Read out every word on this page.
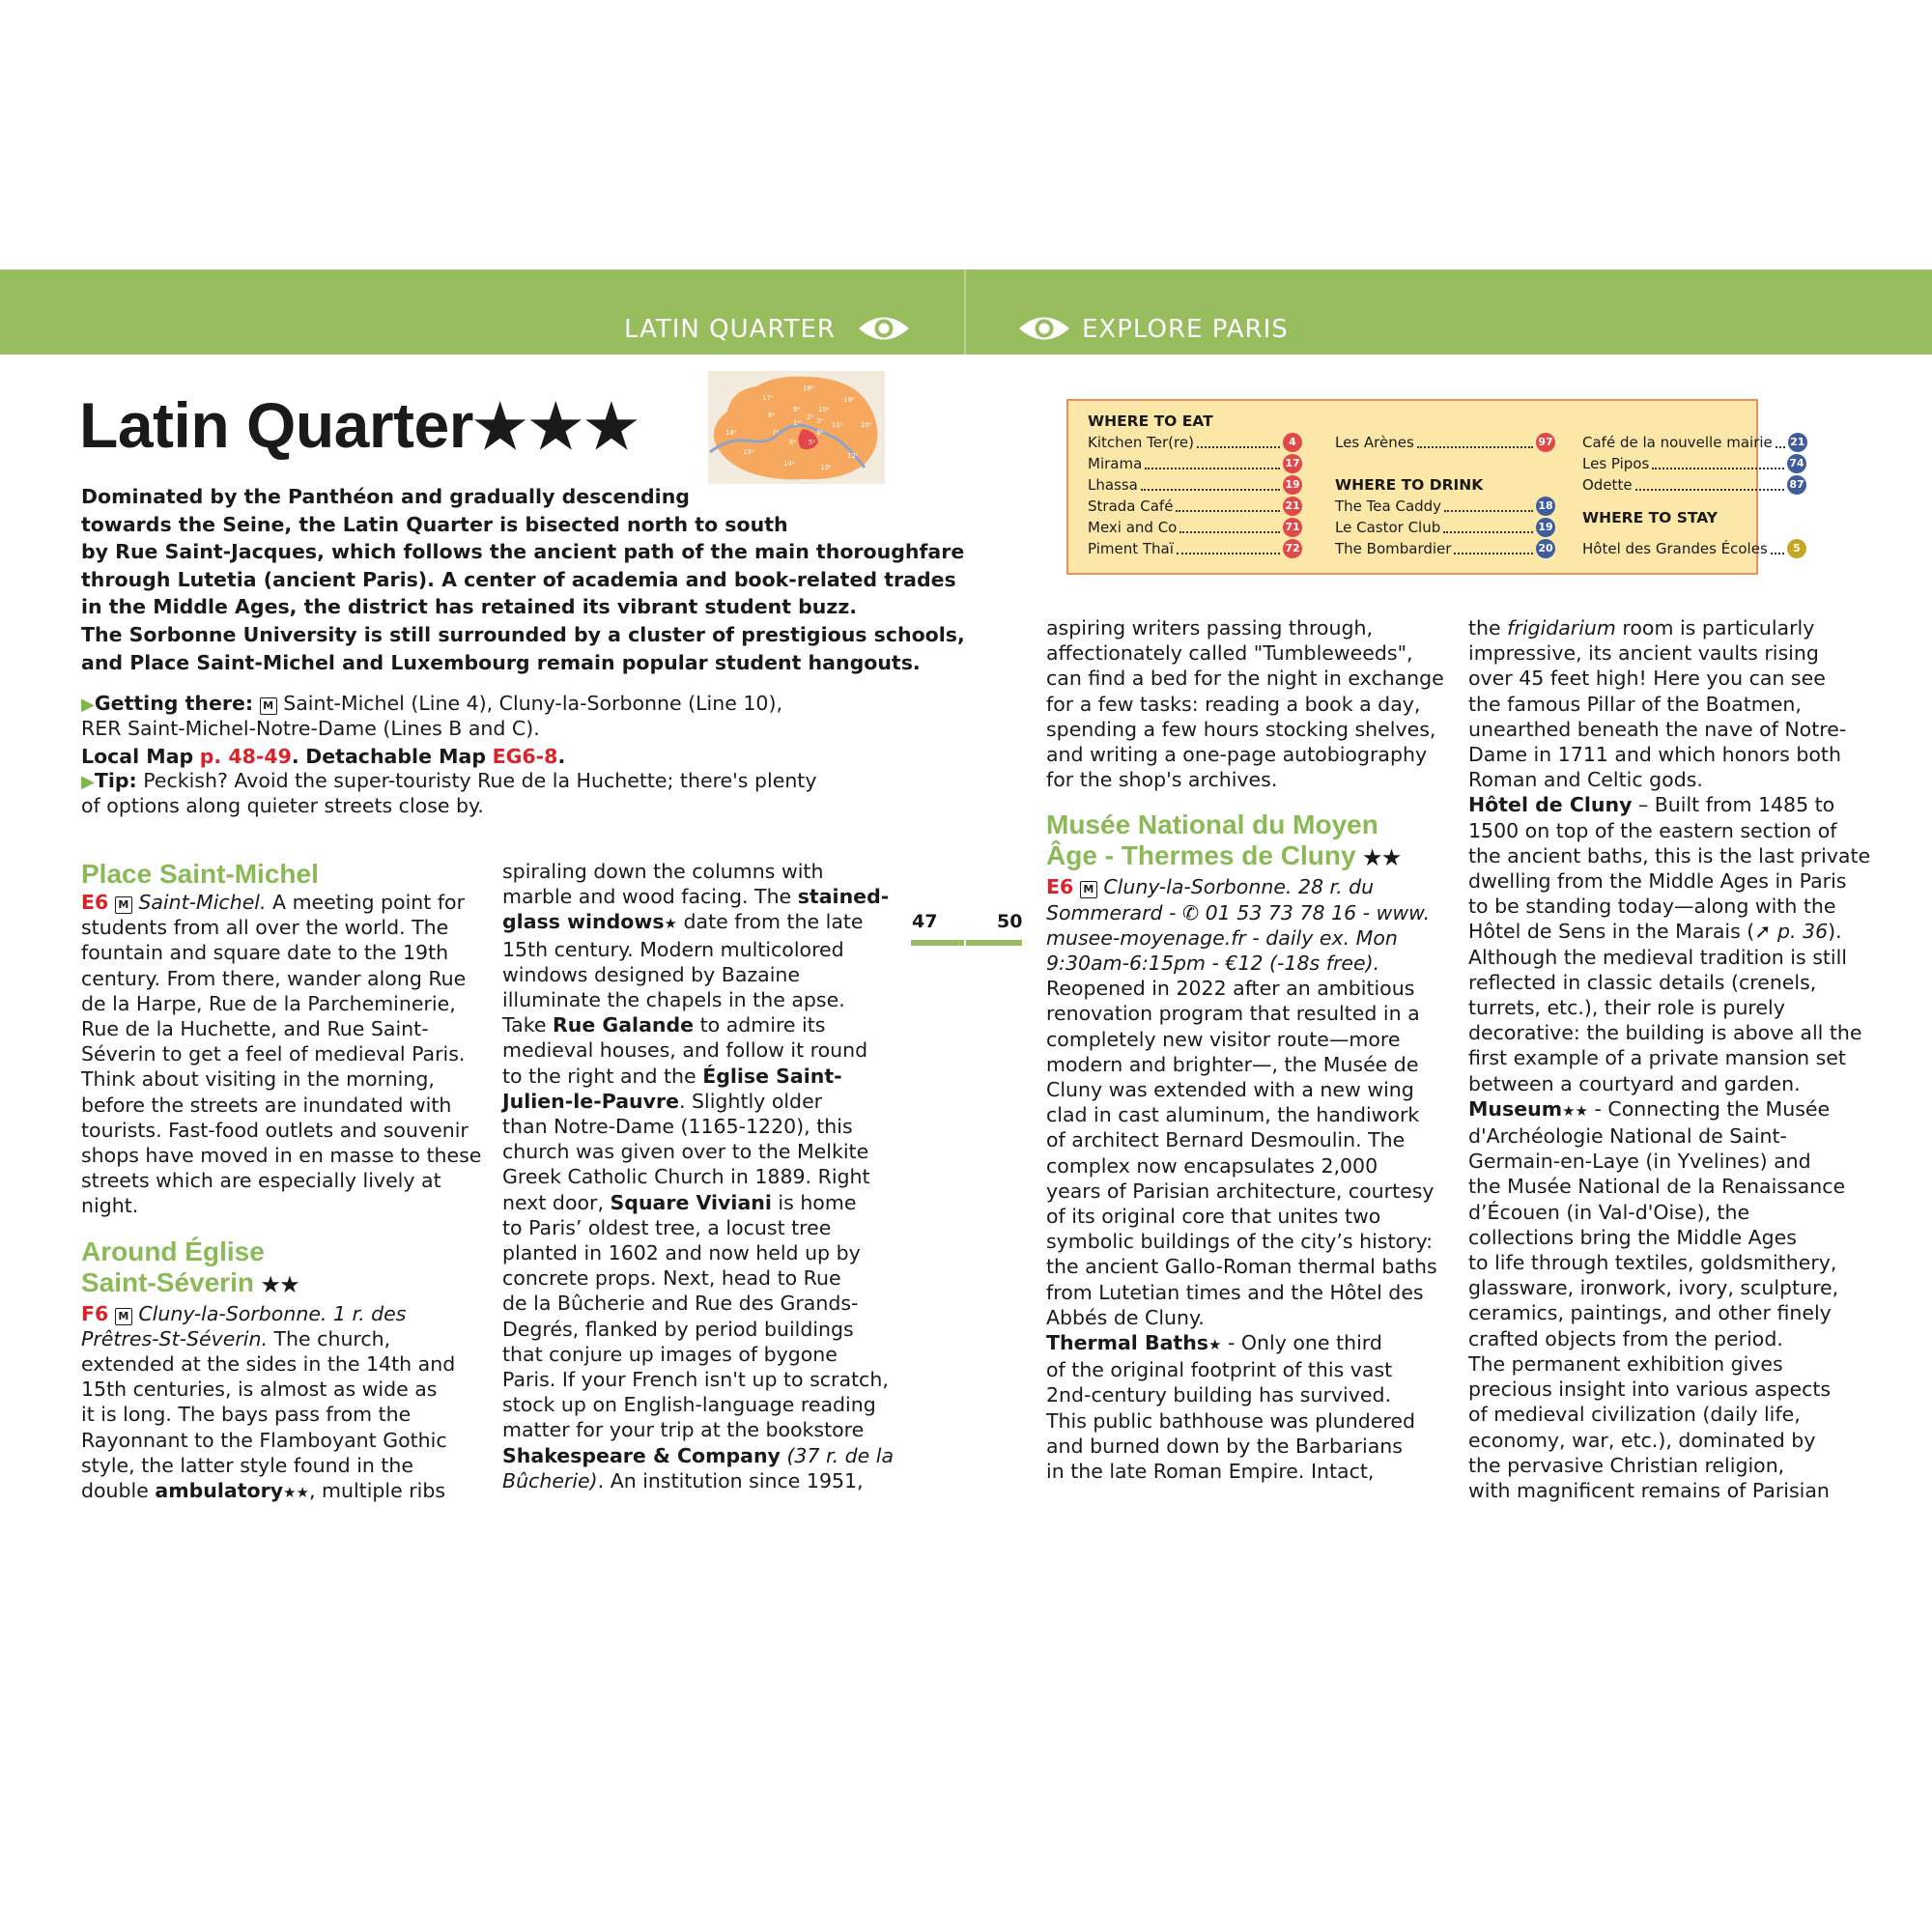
LATIN QUARTER	EXPLORE PARIS
Latin Quarter★★★
18ᵉ
17ᵉ	19ᵉ
9ᵉ	10ᵉ
8ᵉ	2ᵉ 3ᵉ
1ᵉʳ	11ᵉ	20ᵉ
16ᵉ	7ᵉ	4ᵉ
6ᵉ 5ᵉ
15ᵉ	12ᵉ
14ᵉ	13ᵉ
Dominated by the Panthéon and gradually descending
towards the Seine, the Latin Quarter is bisected north to south
by Rue Saint-Jacques, which follows the ancient path of the main thoroughfare
through Lutetia (ancient Paris). A center of academia and book-related trades
in the Middle Ages, the district has retained its vibrant student buzz.
The Sorbonne University is still surrounded by a cluster of prestigious schools,
and Place Saint-Michel and Luxembourg remain popular student hangouts.
▶Getting there: M Saint-Michel (Line 4), Cluny-la-Sorbonne (Line 10),
RER Saint-Michel-Notre-Dame (Lines B and C).
Local Map p. 48-49. Detachable Map EG6-8.
▶Tip: Peckish? Avoid the super-touristy Rue de la Huchette; there's plenty
of options along quieter streets close by.
WHERE TO EAT
Kitchen Ter(re)	4
Mirama	17
Lhassa	19
Strada Café	21
Mexi and Co	71
Piment Thaï	72
Les Arènes	97
WHERE TO DRINK
The Tea Caddy	18
Le Castor Club	19
The Bombardier	20
Café de la nouvelle mairie 21
Les Pipos	74
Odette	87
WHERE TO STAY
Hôtel des Grandes Écoles	5
47	50
Place Saint-Michel
E6 M Saint-Michel. A meeting point for
students from all over the world. The
fountain and square date to the 19th
century. From there, wander along Rue
de la Harpe, Rue de la Parcheminerie,
Rue de la Huchette, and Rue Saint-
Séverin to get a feel of medieval Paris.
Think about visiting in the morning,
before the streets are inundated with
tourists. Fast-food outlets and souvenir
shops have moved in en masse to these
streets which are especially lively at
night.
Around Église
Saint-Séverin ★★
F6 M Cluny-la-Sorbonne. 1 r. des
Prêtres-St-Séverin. The church,
extended at the sides in the 14th and
15th centuries, is almost as wide as
it is long. The bays pass from the
Rayonnant to the Flamboyant Gothic
style, the latter style found in the
double ambulatory★★, multiple ribs
spiraling down the columns with
marble and wood facing. The stained-
glass windows★ date from the late
15th century. Modern multicolored
windows designed by Bazaine
illuminate the chapels in the apse.
Take Rue Galande to admire its
medieval houses, and follow it round
to the right and the Église Saint-
Julien-le-Pauvre. Slightly older
than Notre-Dame (1165-1220), this
church was given over to the Melkite
Greek Catholic Church in 1889. Right
next door, Square Viviani is home
to Paris’ oldest tree, a locust tree
planted in 1602 and now held up by
concrete props. Next, head to Rue
de la Bûcherie and Rue des Grands-
Degrés, flanked by period buildings
that conjure up images of bygone
Paris. If your French isn't up to scratch,
stock up on English-language reading
matter for your trip at the bookstore
Shakespeare & Company (37 r. de la
Bûcherie). An institution since 1951,
aspiring writers passing through,
affectionately called "Tumbleweeds",
can find a bed for the night in exchange
for a few tasks: reading a book a day,
spending a few hours stocking shelves,
and writing a one-page autobiography
for the shop's archives.
Musée National du Moyen
Âge - Thermes de Cluny ★★
E6 M Cluny-la-Sorbonne. 28 r. du
Sommerard - ✆ 01 53 73 78 16 - www.
musee-moyenage.fr - daily ex. Mon
9:30am-6:15pm - €12 (-18s free).
Reopened in 2022 after an ambitious
renovation program that resulted in a
completely new visitor route—more
modern and brighter—, the Musée de
Cluny was extended with a new wing
clad in cast aluminum, the handiwork
of architect Bernard Desmoulin. The
complex now encapsulates 2,000
years of Parisian architecture, courtesy
of its original core that unites two
symbolic buildings of the city’s history:
the ancient Gallo-Roman thermal baths
from Lutetian times and the Hôtel des
Abbés de Cluny.
Thermal Baths★ - Only one third
of the original footprint of this vast
2nd-century building has survived.
This public bathhouse was plundered
and burned down by the Barbarians
in the late Roman Empire. Intact,
the frigidarium room is particularly
impressive, its ancient vaults rising
over 45 feet high! Here you can see
the famous Pillar of the Boatmen,
unearthed beneath the nave of Notre-
Dame in 1711 and which honors both
Roman and Celtic gods.
Hôtel de Cluny – Built from 1485 to
1500 on top of the eastern section of
the ancient baths, this is the last private
dwelling from the Middle Ages in Paris
to be standing today—along with the
Hôtel de Sens in the Marais (➚ p. 36).
Although the medieval tradition is still
reflected in classic details (crenels,
turrets, etc.), their role is purely
decorative: the building is above all the
first example of a private mansion set
between a courtyard and garden.
Museum★★ - Connecting the Musée
d'Archéologie National de Saint-
Germain-en-Laye (in Yvelines) and
the Musée National de la Renaissance
d’Écouen (in Val-d'Oise), the
collections bring the Middle Ages
to life through textiles, goldsmithery,
glassware, ironwork, ivory, sculpture,
ceramics, paintings, and other finely
crafted objects from the period.
The permanent exhibition gives
precious insight into various aspects
of medieval civilization (daily life,
economy, war, etc.), dominated by
the pervasive Christian religion,
with magnificent remains of Parisian
